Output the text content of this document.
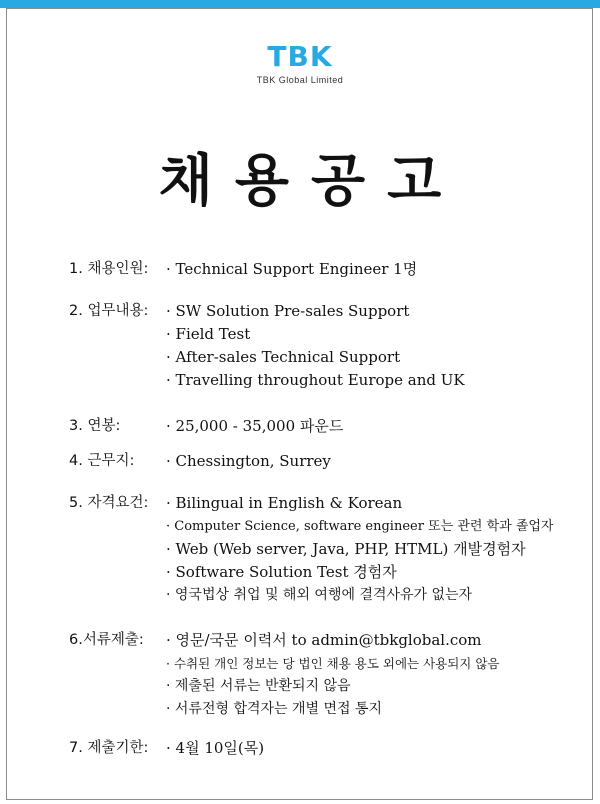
TBK
TBK Global Limited
채용공고
1. 채용인원: · Technical Support Engineer 1명
2. 업무내용: · SW Solution Pre-sales Support
· Field Test
· After-sales Technical Support
· Travelling throughout Europe and UK
3. 연봉:	· 25,000 - 35,000 파운드
4. 근무지: · Chessington, Surrey
5. 자격요건: · Bilingual in English & Korean
· Computer Science, software engineer 또는 관련 학과 졸업자
· Web (Web server, Java, PHP, HTML) 개발경험자
· Software Solution Test 경험자
· 영국법상 취업 및 해외 여행에 결격사유가 없는자
6.서류제출: · 영문/국문 이력서 to admin@tbkglobal.com
· 수취된 개인 정보는 당 법인 채용 용도 외에는 사용되지 않음
· 제출된 서류는 반환되지 않음
· 서류전형 합격자는 개별 면접 통지
7. 제출기한: · 4월 10일(목)
